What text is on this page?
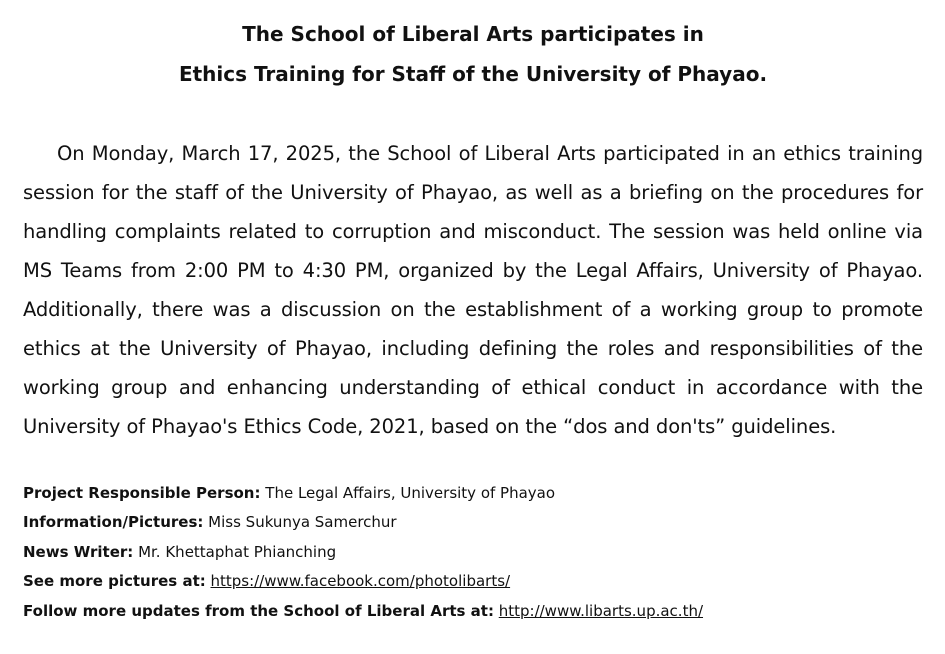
The School of Liberal Arts participates in
Ethics Training for Staff of the University of Phayao.

On Monday, March 17, 2025, the School of Liberal Arts participated in an ethics training session for the staff of the University of Phayao, as well as a briefing on the procedures for handling complaints related to corruption and misconduct. The session was held online via MS Teams from 2:00 PM to 4:30 PM, organized by the Legal Affairs, University of Phayao. Additionally, there was a discussion on the establishment of a working group to promote ethics at the University of Phayao, including defining the roles and responsibilities of the working group and enhancing understanding of ethical conduct in accordance with the University of Phayao's Ethics Code, 2021, based on the “dos and don'ts” guidelines.

Project Responsible Person: The Legal Affairs, University of Phayao
Information/Pictures: Miss Sukunya Samerchur
News Writer: Mr. Khettaphat Phianching
See more pictures at: https://www.facebook.com/photolibarts/
Follow more updates from the School of Liberal Arts at: http://www.libarts.up.ac.th/
